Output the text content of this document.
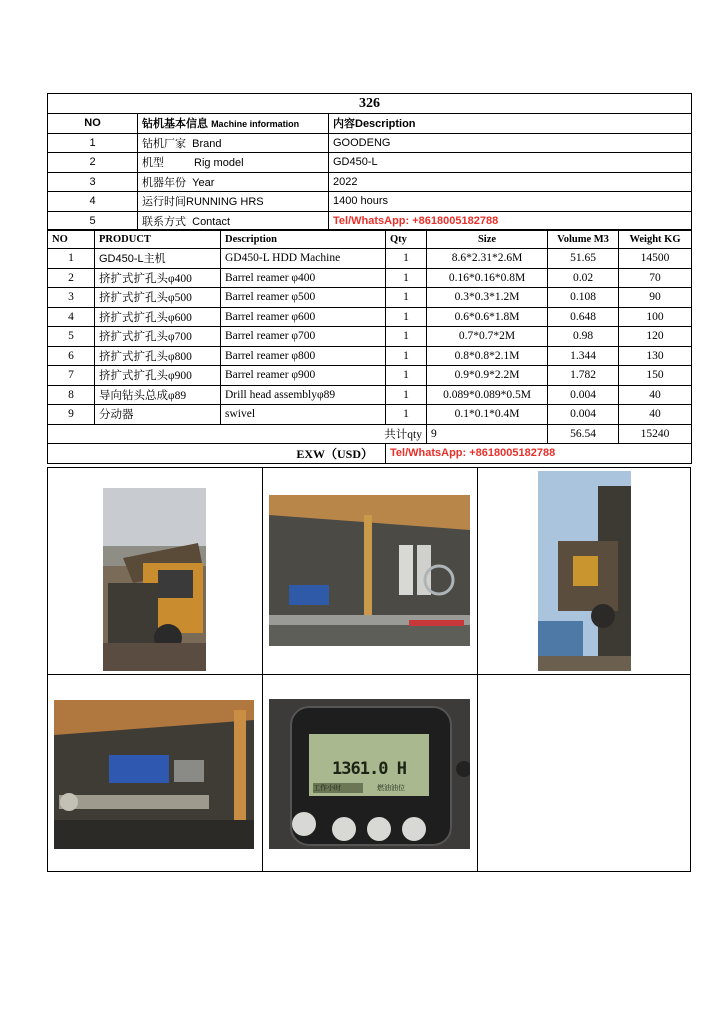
326		
NO	钻机基本信息 Machine information	内容Description
1	钻机厂家 Brand	GOODENG
2	机型 Rig model	GD450-L
3	机器年份 Year	2022
4	运行时间RUNNING HRS	1400 hours
5	联系方式 Contact	Tel/WhatsApp: +8618005182788
NO	PRODUCT	Description	Qty	Size	Volume M3	Weight KG
1	GD450-L主机	GD450-L HDD Machine	1	8.6*2.31*2.6M	51.65	14500
2	挤扩式扩孔头φ400	Barrel reamer φ400	1	0.16*0.16*0.8M	0.02	70
3	挤扩式扩孔头φ500	Barrel reamer φ500	1	0.3*0.3*1.2M	0.108	90
4	挤扩式扩孔头φ600	Barrel reamer φ600	1	0.6*0.6*1.8M	0.648	100
5	挤扩式扩孔头φ700	Barrel reamer φ700	1	0.7*0.7*2M	0.98	120
6	挤扩式扩孔头φ800	Barrel reamer φ800	1	0.8*0.8*2.1M	1.344	130
7	挤扩式扩孔头φ900	Barrel reamer φ900	1	0.9*0.9*2.2M	1.782	150
8	导向钻头总成φ89	Drill head assemblyφ89	1	0.089*0.089*0.5M	0.004	40
9	分动器	swivel	1	0.1*0.1*0.4M	0.004	40
共计qty				9	56.54	15240
EXW（USD）			Tel/WhatsApp: +8618005182788			
1361.0 H
工作小时	燃油油位
